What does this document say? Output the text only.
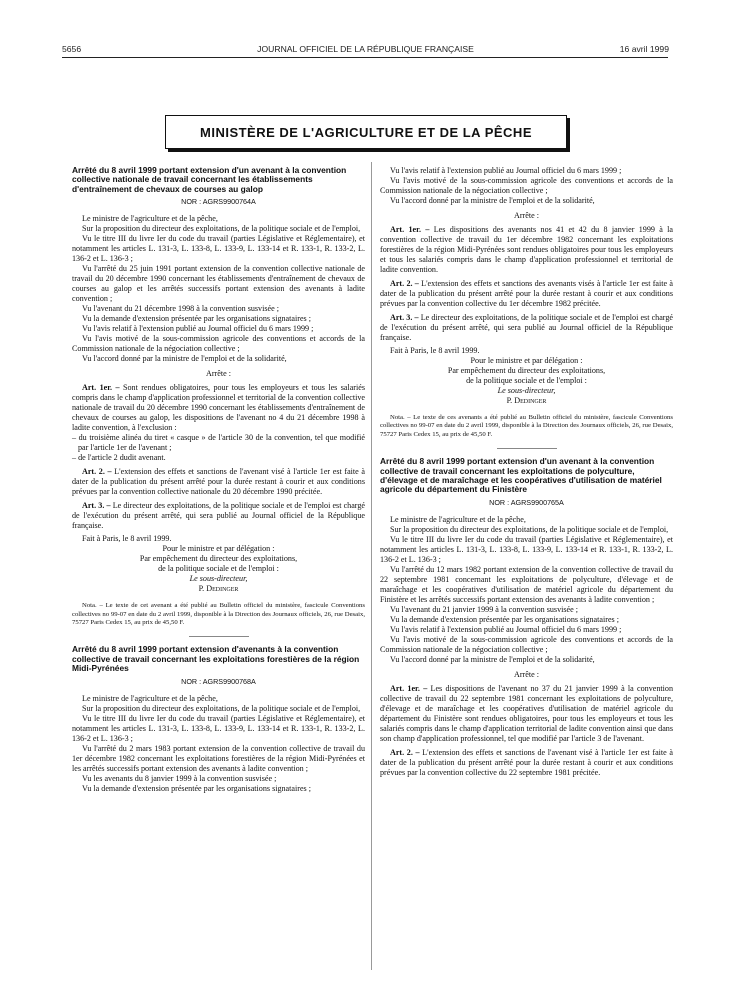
5656	JOURNAL OFFICIEL DE LA RÉPUBLIQUE FRANÇAISE	16 avril 1999
MINISTÈRE DE L'AGRICULTURE ET DE LA PÊCHE
Arrêté du 8 avril 1999 portant extension d'un avenant à la convention collective nationale de travail concernant les établissements d'entraînement de chevaux de courses au galop
NOR : AGRS9900764A

Le ministre de l'agriculture et de la pêche,

Sur la proposition du directeur des exploitations, de la politique sociale et de l'emploi,

Vu le titre III du livre Ier du code du travail (parties Législative et Réglementaire), et notamment les articles L. 131-3, L. 133-8, L. 133-9, L. 133-14 et R. 133-1, R. 133-2, L. 136-2 et L. 136-3 ;

Vu l'arrêté du 25 juin 1991 portant extension de la convention collective nationale de travail du 20 décembre 1990 concernant les établissements d'entraînement de chevaux de courses au galop et les arrêtés successifs portant extension des avenants à ladite convention ;

Vu l'avenant du 21 décembre 1998 à la convention susvisée ;

Vu la demande d'extension présentée par les organisations signataires ;

Vu l'avis relatif à l'extension publié au Journal officiel du 6 mars 1999 ;

Vu l'avis motivé de la sous-commission agricole des conventions et accords de la Commission nationale de la négociation collective ;

Vu l'accord donné par la ministre de l'emploi et de la solidarité,

Arrête :

Art. 1er. – Sont rendues obligatoires, pour tous les employeurs et tous les salariés compris dans le champ d'application professionnel et territorial de la convention collective nationale de travail du 20 décembre 1990 concernant les établissements d'entraînement de chevaux de courses au galop, les dispositions de l'avenant no 4 du 21 décembre 1998 à ladite convention, à l'exclusion :

– du troisième alinéa du tiret « casque » de l'article 30 de la convention, tel que modifié par l'article 1er de l'avenant ;

– de l'article 2 dudit avenant.

Art. 2. – L'extension des effets et sanctions de l'avenant visé à l'article 1er est faite à dater de la publication du présent arrêté pour la durée restant à courir et aux conditions prévues par la convention collective nationale du 20 décembre 1990 précitée.

Art. 3. – Le directeur des exploitations, de la politique sociale et de l'emploi est chargé de l'exécution du présent arrêté, qui sera publié au Journal officiel de la République française.

Fait à Paris, le 8 avril 1999.

Pour le ministre et par délégation :

Par empêchement du directeur des exploitations,

de la politique sociale et de l'emploi :

Le sous-directeur,

P. Dedinger

Nota. – Le texte de cet avenant a été publié au Bulletin officiel du ministère, fascicule Conventions collectives no 99-07 en date du 2 avril 1999, disponible à la Direction des Journaux officiels, 26, rue Desaix, 75727 Paris Cedex 15, au prix de 45,50 F.

Arrêté du 8 avril 1999 portant extension d'avenants à la convention collective de travail concernant les exploitations forestières de la région Midi-Pyrénées
NOR : AGRS9900768A

Le ministre de l'agriculture et de la pêche,

Sur la proposition du directeur des exploitations, de la politique sociale et de l'emploi,

Vu le titre III du livre Ier du code du travail (parties Législative et Réglementaire), et notamment les articles L. 131-3, L. 133-8, L. 133-9, L. 133-14 et R. 133-1, R. 133-2, L. 136-2 et L. 136-3 ;

Vu l'arrêté du 2 mars 1983 portant extension de la convention collective de travail du 1er décembre 1982 concernant les exploitations forestières de la région Midi-Pyrénées et les arrêtés successifs portant extension des avenants à ladite convention ;

Vu les avenants du 8 janvier 1999 à la convention susvisée ;

Vu la demande d'extension présentée par les organisations signataires ;

Vu l'avis relatif à l'extension publié au Journal officiel du 6 mars 1999 ;

Vu l'avis motivé de la sous-commission agricole des conventions et accords de la Commission nationale de la négociation collective ;

Vu l'accord donné par la ministre de l'emploi et de la solidarité,

Arrête :

Art. 1er. – Les dispositions des avenants nos 41 et 42 du 8 janvier 1999 à la convention collective de travail du 1er décembre 1982 concernant les exploitations forestières de la région Midi-Pyrénées sont rendues obligatoires pour tous les employeurs et tous les salariés compris dans le champ d'application professionnel et territorial de ladite convention.

Art. 2. – L'extension des effets et sanctions des avenants visés à l'article 1er est faite à dater de la publication du présent arrêté pour la durée restant à courir et aux conditions prévues par la convention collective du 1er décembre 1982 précitée.

Art. 3. – Le directeur des exploitations, de la politique sociale et de l'emploi est chargé de l'exécution du présent arrêté, qui sera publié au Journal officiel de la République française.

Fait à Paris, le 8 avril 1999.

Pour le ministre et par délégation :

Par empêchement du directeur des exploitations,

de la politique sociale et de l'emploi :

Le sous-directeur,

P. Dedinger

Nota. – Le texte de ces avenants a été publié au Bulletin officiel du ministère, fascicule Conventions collectives no 99-07 en date du 2 avril 1999, disponible à la Direction des Journaux officiels, 26, rue Desaix, 75727 Paris Cedex 15, au prix de 45,50 F.

Arrêté du 8 avril 1999 portant extension d'un avenant à la convention collective de travail concernant les exploitations de polyculture, d'élevage et de maraîchage et les coopératives d'utilisation de matériel agricole du département du Finistère
NOR : AGRS9900765A

Le ministre de l'agriculture et de la pêche,

Sur la proposition du directeur des exploitations, de la politique sociale et de l'emploi,

Vu le titre III du livre Ier du code du travail (parties Législative et Réglementaire), et notamment les articles L. 131-3, L. 133-8, L. 133-9, L. 133-14 et R. 133-1, R. 133-2, L. 136-2 et L. 136-3 ;

Vu l'arrêté du 12 mars 1982 portant extension de la convention collective de travail du 22 septembre 1981 concernant les exploitations de polyculture, d'élevage et de maraîchage et les coopératives d'utilisation de matériel agricole du département du Finistère et les arrêtés successifs portant extension des avenants à ladite convention ;

Vu l'avenant du 21 janvier 1999 à la convention susvisée ;

Vu la demande d'extension présentée par les organisations signataires ;

Vu l'avis relatif à l'extension publié au Journal officiel du 6 mars 1999 ;

Vu l'avis motivé de la sous-commission agricole des conventions et accords de la Commission nationale de la négociation collective ;

Vu l'accord donné par la ministre de l'emploi et de la solidarité,

Arrête :

Art. 1er. – Les dispositions de l'avenant no 37 du 21 janvier 1999 à la convention collective de travail du 22 septembre 1981 concernant les exploitations de polyculture, d'élevage et de maraîchage et les coopératives d'utilisation de matériel agricole du département du Finistère sont rendues obligatoires, pour tous les employeurs et tous les salariés compris dans le champ d'application territorial de ladite convention ainsi que dans son champ d'application professionnel, tel que modifié par l'article 3 de l'avenant.

Art. 2. – L'extension des effets et sanctions de l'avenant visé à l'article 1er est faite à dater de la publication du présent arrêté pour la durée restant à courir et aux conditions prévues par la convention collective du 22 septembre 1981 précitée.
